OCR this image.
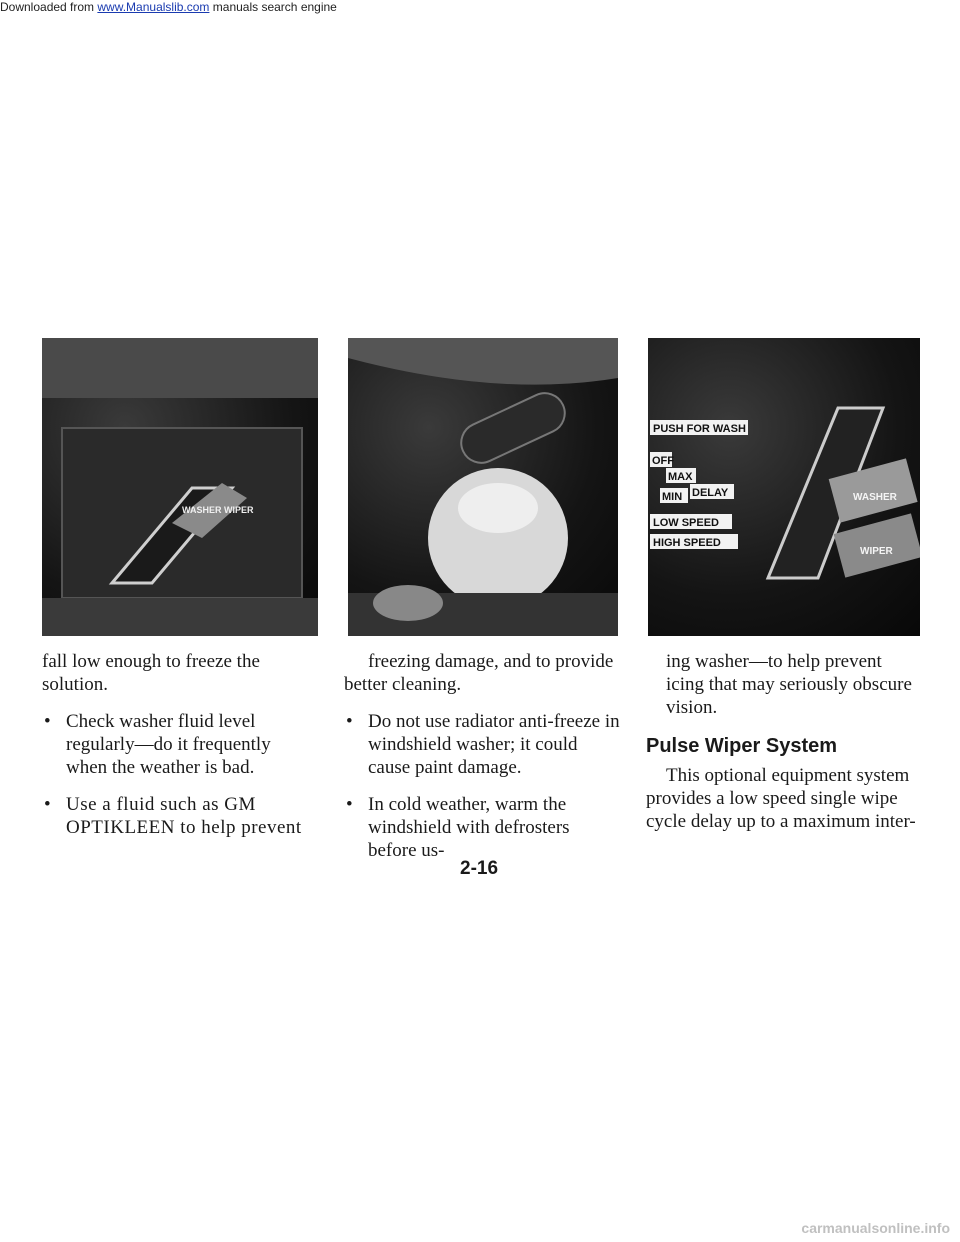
Downloaded from www.Manualslib.com manuals search engine
WASHER WIPER
WASHER
WIPER
PUSH FOR WASH
OFF
MAX
MIN DELAY
LOW SPEED
HIGH SPEED

fall low enough to freeze the solution.

• Check washer fluid level regularly—do it frequently when the weather is bad.

• Use a fluid such as GM OPTIKLEEN to help prevent

freezing damage, and to provide better cleaning.

• Do not use radiator anti-freeze in windshield washer; it could cause paint damage.

• In cold weather, warm the windshield with defrosters before us-

ing washer—to help prevent icing that may seriously obscure vision.

Pulse Wiper System

This optional equipment system provides a low speed single wipe cycle delay up to a maximum inter-

2-16
carmanualsonline.info
